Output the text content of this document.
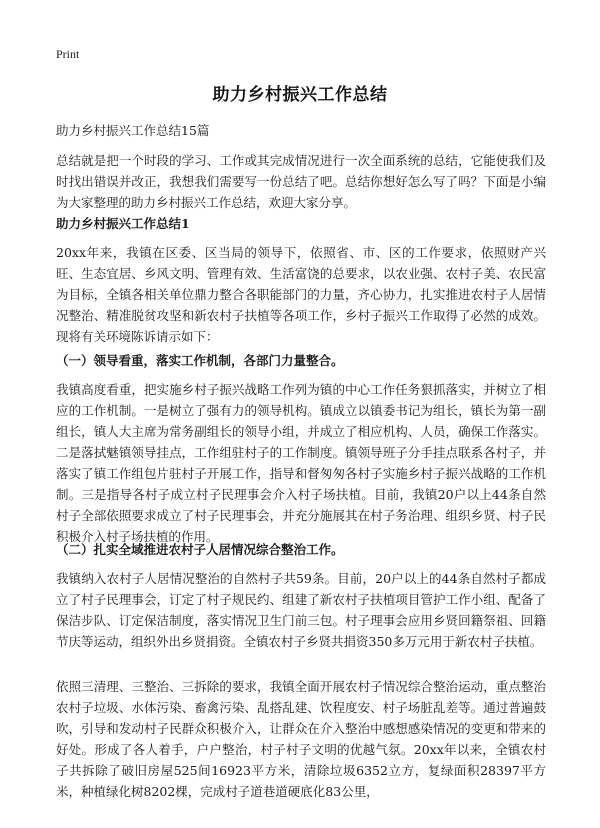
Print
助力乡村振兴工作总结

助力乡村振兴工作总结15篇

总结就是把一个时段的学习、工作或其完成情况进行一次全面系统的总结，它能使我们及时找出错误并改正，我想我们需要写一份总结了吧。总结你想好怎么写了吗？下面是小编为大家整理的助力乡村振兴工作总结，欢迎大家分享。

助力乡村振兴工作总结1

20xx年来，我镇在区委、区当局的领导下，依照省、市、区的工作要求，依照财产兴旺、生态宜居、乡风文明、管理有效、生活富饶的总要求，以农业强、农村子美、农民富为目标，全镇各相关单位鼎力整合各职能部门的力量，齐心协力，扎实推进农村子人居情况整治、精准脱贫攻坚和新农村子扶植等各项工作，乡村子振兴工作取得了必然的成效。现将有关环境陈诉请示如下：

（一）领导看重，落实工作机制，各部门力量整合。

我镇高度看重，把实施乡村子振兴战略工作列为镇的中心工作任务狠抓落实，并树立了相应的工作机制。一是树立了强有力的领导机构。镇成立以镇委书记为组长，镇长为第一副组长，镇人大主席为常务副组长的领导小组，并成立了相应机构、人员，确保工作落实。二是落拭魅镇领导挂点，工作组驻村子的工作制度。镇领导班子分手挂点联系各村子，并落实了镇工作组包片驻村子开展工作，指导和督匆匆各村子实施乡村子振兴战略的工作机制。三是指导各村子成立村子民理事会介入村子场扶植。目前，我镇20户以上44条自然村子全部依照要求成立了村子民理事会，并充分施展其在村子务治理、组织乡贤、村子民积极介入村子场扶植的作用。

（二）扎实全域推进农村子人居情况综合整治工作。

我镇纳入农村子人居情况整治的自然村子共59条。目前，20户以上的44条自然村子都成立了村子民理事会，订定了村子规民约、组建了新农村子扶植项目管护工作小组、配备了保洁步队、订定保洁制度，落实情况卫生门前三包。村子理事会应用乡贤回籍祭祖、回籍节庆等运动，组织外出乡贤捐资。全镇农村子乡贤共捐资350多万元用于新农村子扶植。

依照三清理、三整治、三拆除的要求，我镇全面开展农村子情况综合整治运动，重点整治农村子垃圾、水体污染、畜禽污染、乱搭乱建、饮程度安、村子场脏乱差等。通过普遍鼓吹，引导和发动村子民群众积极介入，让群众在介入整治中感想感染情况的变更和带来的好处。形成了各人着手，户户整治，村子村子文明的优越气氛。20xx年以来，全镇农村子共拆除了破旧房屋525间16923平方米，清除垃圾6352立方，复绿面积28397平方米，种植绿化树8202棵，完成村子道巷道硬底化83公里，
